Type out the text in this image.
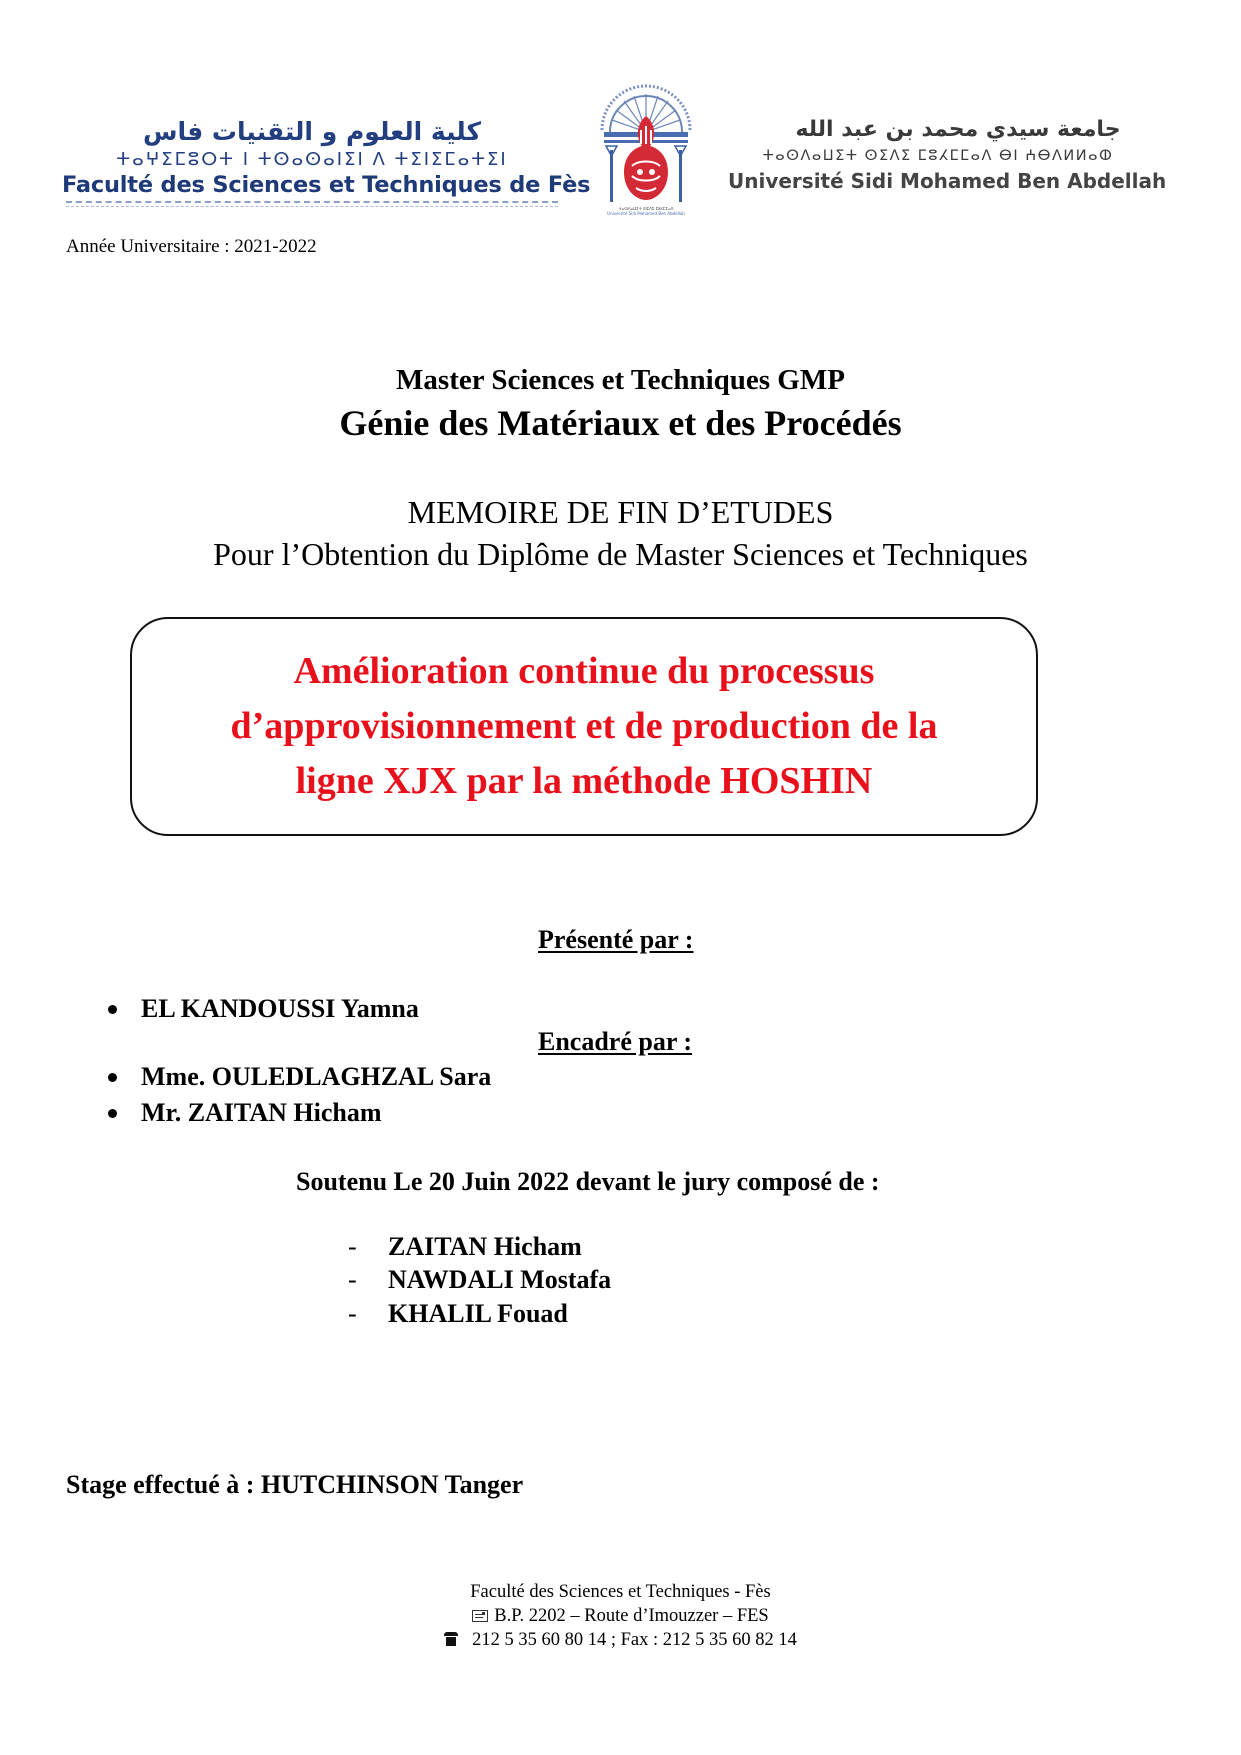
كلية العلوم و التقنيات فاس
ⵜⴰⵖⵉⵎⵓⵔⵜ ⵏ ⵜⵙⴰⵙⴰⵏⵉⵏ ⴷ ⵜⵉⵏⵉⵎⴰⵜⵉⵏ
Faculté des Sciences et Techniques de Fès
ⵜⴰⵙⴷⴰⵡⵉⵜ ⵙⵉⴷⵉ ⵎⵓⵃⵎⵎⴰⴷ
Université Sidi Mohamed Ben Abdellah
جامعة سيدي محمد بن عبد الله
ⵜⴰⵙⴷⴰⵡⵉⵜ ⵙⵉⴷⵉ ⵎⵓⵃⵎⵎⴰⴷ ⴱⵏ ⵄⴱⴷⵍⵍⴰⵀ
Université Sidi Mohamed Ben Abdellah
Année Universitaire : 2021-2022
Master Sciences et Techniques GMP
Génie des Matériaux et des Procédés
MEMOIRE DE FIN D’ETUDES
Pour l’Obtention du Diplôme de Master Sciences et Techniques
Amélioration continue du processus
d’approvisionnement et de production de la
ligne XJX par la méthode HOSHIN
Présenté par :
EL KANDOUSSI Yamna
Encadré par :
Mme. OULEDLAGHZAL Sara
Mr. ZAITAN Hicham
Soutenu Le 20 Juin 2022 devant le jury composé de :
-	ZAITAN Hicham
-	NAWDALI Mostafa
-	KHALIL Fouad
Stage effectué à : HUTCHINSON Tanger
Faculté des Sciences et Techniques - Fès
B.P. 2202 – Route d’Imouzzer – FES
212 5 35 60 80 14 ; Fax : 212 5 35 60 82 14
